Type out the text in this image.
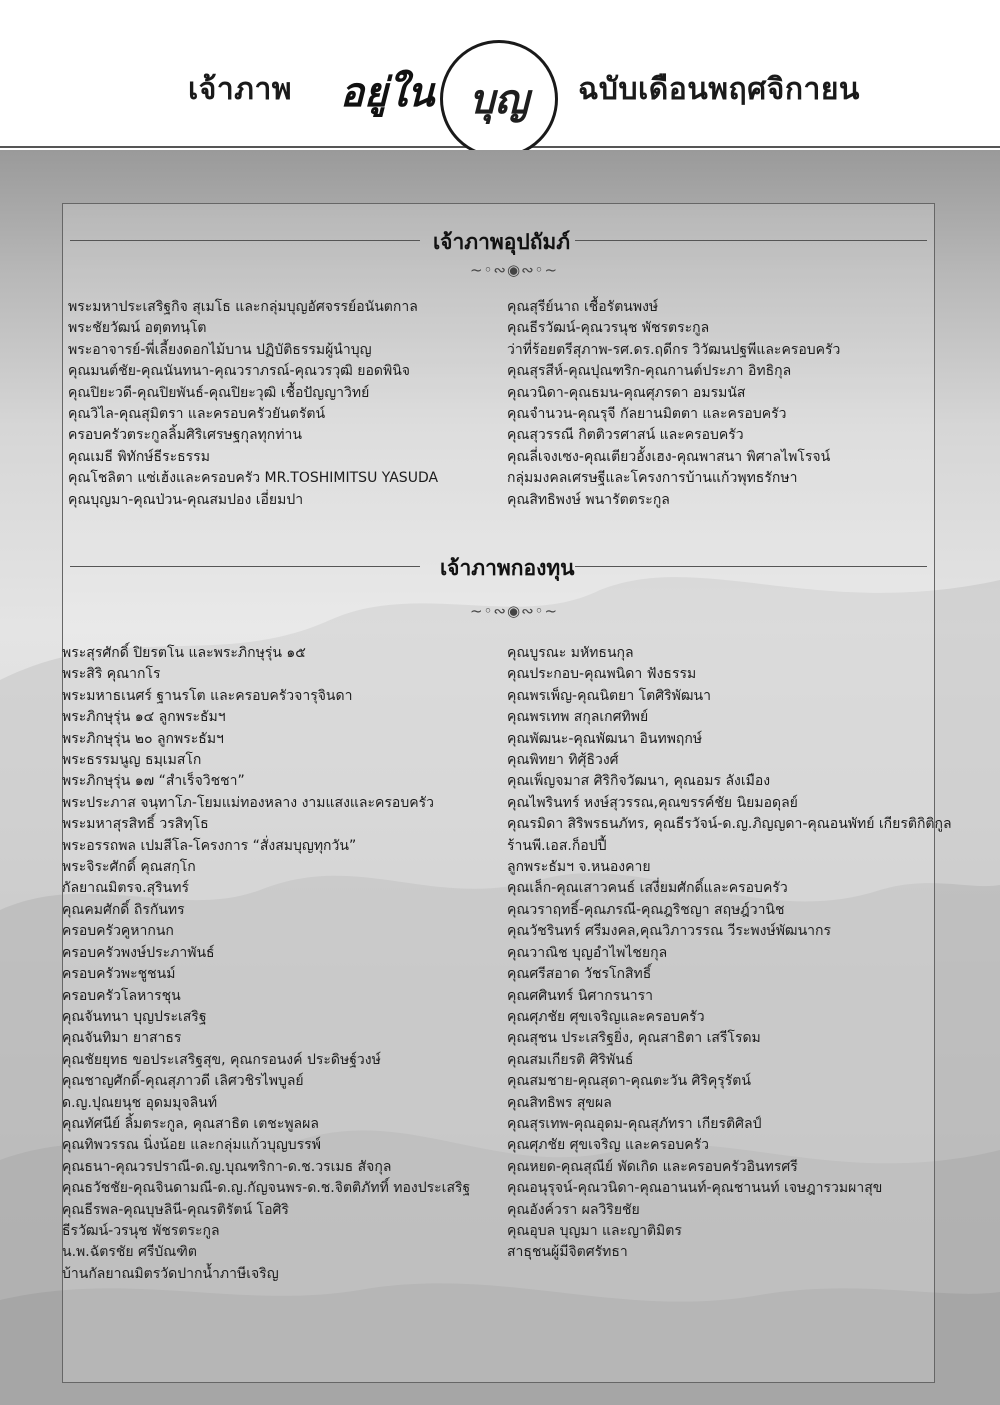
เจ้าภาพ อยู่ใน บุญ ฉบับเดือนพฤศจิกายน
เจ้าภาพอุปถัมภ์
~◦∾◉∾◦~
พระมหาประเสริฐกิจ สุเมโธ และกลุ่มบุญอัศจรรย์อนันตกาล
พระชัยวัฒน์ อตฺตทนฺโต
พระอาจารย์-พี่เลี้ยงดอกไม้บาน ปฏิบัติธรรมผู้นำบุญ
คุณมนต์ชัย-คุณนันทนา-คุณวราภรณ์-คุณวรวุฒิ ยอดพินิจ
คุณปิยะวดี-คุณปิยพันธ์-คุณปิยะวุฒิ เชื้อปัญญาวิทย์
คุณวิไล-คุณสุมิตรา และครอบครัวยันตรัตน์
ครอบครัวตระกูลลิ้มศิริเศรษฐกุลทุกท่าน
คุณเมธี พิทักษ์ธีระธรรม
คุณโชลิตา แซ่เฮ้งและครอบครัว MR.TOSHIMITSU YASUDA
คุณบุญมา-คุณป่วน-คุณสมปอง เอี่ยมปา
คุณสุรีย์นาถ เชื้อรัตนพงษ์
คุณธีรวัฒน์-คุณวรนุช พัชรตระกูล
ว่าที่ร้อยตรีสุภาพ-รศ.ดร.ฤดีกร วิวัฒนปฐพีและครอบครัว
คุณสุรสีห์-คุณปุณฑริก-คุณกานต์ประภา อิทธิกุล
คุณวนิดา-คุณธมน-คุณศุภรดา อมรมนัส
คุณจำนวน-คุณรุจี กัลยานมิตตา และครอบครัว
คุณสุวรรณี กิตติวรศาสน์ และครอบครัว
คุณลี่เจงเซง-คุณเตียวอั้งเฮง-คุณพาสนา พิศาลไพโรจน์
กลุ่มมงคลเศรษฐีและโครงการบ้านแก้วพุทธรักษา
คุณสิทธิพงษ์ พนารัตตระกูล
เจ้าภาพกองทุน
~◦∾◉∾◦~
พระสุรศักดิ์ ปิยรตโน และพระภิกษุรุ่น ๑๕
พระสิริ คุณากโร
พระมหาธเนศร์ ฐานรโต และครอบครัวจารุจินดา
พระภิกษุรุ่น ๑๔ ลูกพระธัมฯ
พระภิกษุรุ่น ๒๐ ลูกพระธัมฯ
พระธรรมนูญ ธมฺเมสโก
พระภิกษุรุ่น ๑๗ “สำเร็จวิชชา”
พระประภาส จนฺทาโภ-โยมแม่ทองหลาง งามแสงและครอบครัว
พระมหาสุรสิทธิ์ วรสิทฺโธ
พระอรรถพล เปมสีโล-โครงการ “สั่งสมบุญทุกวัน”
พระจิระศักดิ์ คุณสกฺโก
กัลยาณมิตรจ.สุรินทร์
คุณคมศักดิ์ ถิรกันทร
ครอบครัวคูหากนก
ครอบครัวพงษ์ประภาพันธ์
ครอบครัวพะชูชนม์
ครอบครัวโลหารชุน
คุณจันทนา บุญประเสริฐ
คุณจันทิมา ยาสาธร
คุณชัยยุทธ ขอประเสริฐสุข, คุณกรอนงค์ ประดิษฐ์วงษ์
คุณชาญศักดิ์-คุณสุภาวดี เลิศวชิรไพบูลย์
ด.ญ.ปุณยนุช อุดมมุจลินท์
คุณทัศนีย์ ลิ้มตระกูล, คุณสาธิต เตชะพูลผล
คุณทิพวรรณ นิ่งน้อย และกลุ่มแก้วบุญบรรพ์
คุณธนา-คุณวรปราณี-ด.ญ.บุณฑริกา-ด.ช.วรเมธ สัจกุล
คุณธวัชชัย-คุณจินดามณี-ด.ญ.กัญจนพร-ด.ช.จิตติภัททิ์ ทองประเสริฐ
คุณธีรพล-คุณบุษลินี-คุณรติรัตน์ โอศิริ
ธีรวัฒน์-วรนุช พัชรตระกูล
น.พ.ฉัตรชัย ศรีบัณฑิต
บ้านกัลยาณมิตรวัดปากน้ำภาษีเจริญ
คุณบูรณะ มหัทธนกุล
คุณประกอบ-คุณพนิดา ฟังธรรม
คุณพรเพ็ญ-คุณนิตยา โตศิริพัฒนา
คุณพรเทพ สกุลเกศทิพย์
คุณพัฒนะ-คุณพัฒนา อินทพฤกษ์
คุณพิทยา ทิศุ้ธิวงศ์
คุณเพ็ญจมาส ศิริกิจวัฒนา, คุณอมร ลังเมือง
คุณไพริน​ทร์ หงษ์สุวรรณ,คุณขรรค์ชัย นิยมอดุลย์
คุณรมิดา สิริพรธนภัทร, คุณธีรวัจน์-ด.ญ.ภิญญดา-คุณอนพัทย์ เกียรติกิติกูล
ร้านพี.เอส.ก็อปปี้
ลูกพระธัมฯ จ.หนองคาย
คุณเล็ก-คุณเสาวคนธ์ เสงี่ยมศักดิ์และครอบครัว
คุณวราฤทธิ์-คุณภรณี-คุณฎริชญา สฤษฎ์วานิช
คุณวัชรินทร์ ศรีมงคล,คุณวิภาวรรณ วีระพงษ์พัฒนากร
คุณวาณิช บุญอำไพไชยกุล
คุณศรีสอาด วัชรโกสิทธิ์
คุณศศินทร์ นิศากรนารา
คุณศุภชัย ศุขเจริญและครอบครัว
คุณสุชน ประเสริฐยิ่ง, คุณสาธิตา เสรีโรดม
คุณสมเกียรติ ศิริพันธ์
คุณสมชาย-คุณสุดา-คุณตะวัน ศิริคุรุรัตน์
คุณสิทธิพร สุขผล
คุณสุรเทพ-คุณอุดม-คุณสุภัทรา เกียรติศิลป์
คุณศุภชัย ศุขเจริญ และครอบครัว
คุณหยด-คุณสุณีย์ พัดเกิด และครอบครัวอินทรศรี
คุณอนุรุจน์-คุณวนิดา-คุณอานนท์-คุณชานนท์ เจษฎารวมผาสุข
คุณอังค์วรา ผลวิริยชัย
คุณอุบล บุญมา และญาติมิตร
สาธุชนผู้มีจิตศรัทธา
